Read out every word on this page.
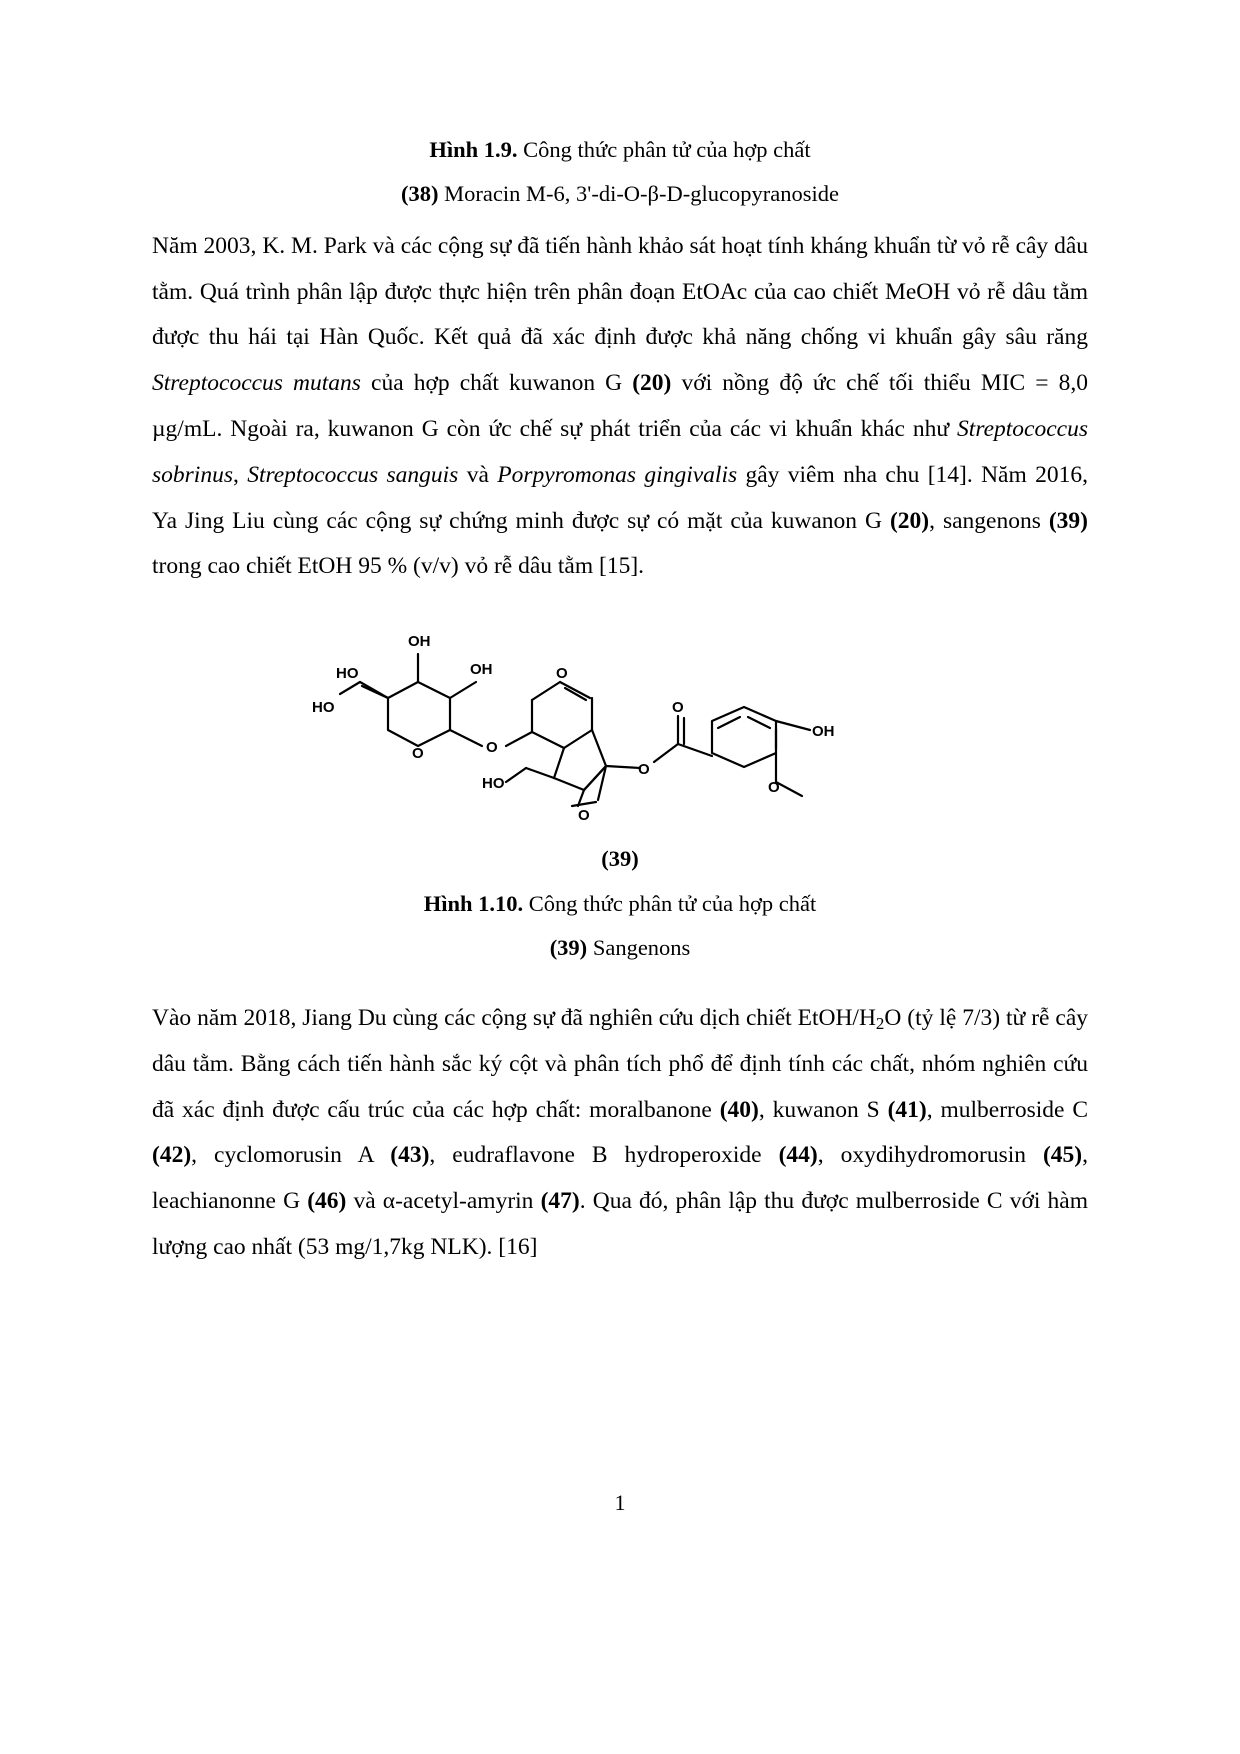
Hình 1.9. Công thức phân tử của hợp chất

(38) Moracin M-6, 3'-di-O-β-D-glucopyranoside

Năm 2003, K. M. Park và các cộng sự đã tiến hành khảo sát hoạt tính kháng khuẩn từ vỏ rễ cây dâu tằm. Quá trình phân lập được thực hiện trên phân đoạn EtOAc của cao chiết MeOH vỏ rễ dâu tằm được thu hái tại Hàn Quốc. Kết quả đã xác định được khả năng chống vi khuẩn gây sâu răng Streptococcus mutans của hợp chất kuwanon G (20) với nồng độ ức chế tối thiểu MIC = 8,0 µg/mL. Ngoài ra, kuwanon G còn ức chế sự phát triển của các vi khuẩn khác như Streptococcus sobrinus, Streptococcus sanguis và Porpyromonas gingivalis gây viêm nha chu [14]. Năm 2016, Ya Jing Liu cùng các cộng sự chứng minh được sự có mặt của kuwanon G (20), sangenons (39) trong cao chiết EtOH 95 % (v/v) vỏ rễ dâu tằm [15].

OH
HO	OH
HO
O	O
O
HO
O
O
O
OH
O
(39)

Hình 1.10. Công thức phân tử của hợp chất

(39) Sangenons

Vào năm 2018, Jiang Du cùng các cộng sự đã nghiên cứu dịch chiết EtOH/$H_2O$ (tỷ lệ 7/3) từ rễ cây dâu tằm. Bằng cách tiến hành sắc ký cột và phân tích phổ để định tính các chất, nhóm nghiên cứu đã xác định được cấu trúc của các hợp chất: moralbanone (40), kuwanon S (41), mulberroside C (42), cyclomorusin A (43), eudraflavone B hydroperoxide (44), oxydihydromorusin (45), leachianonne G (46) và α-acetyl-amyrin (47). Qua đó, phân lập thu được mulberroside C với hàm lượng cao nhất (53 mg/1,7kg NLK). [16]

1
